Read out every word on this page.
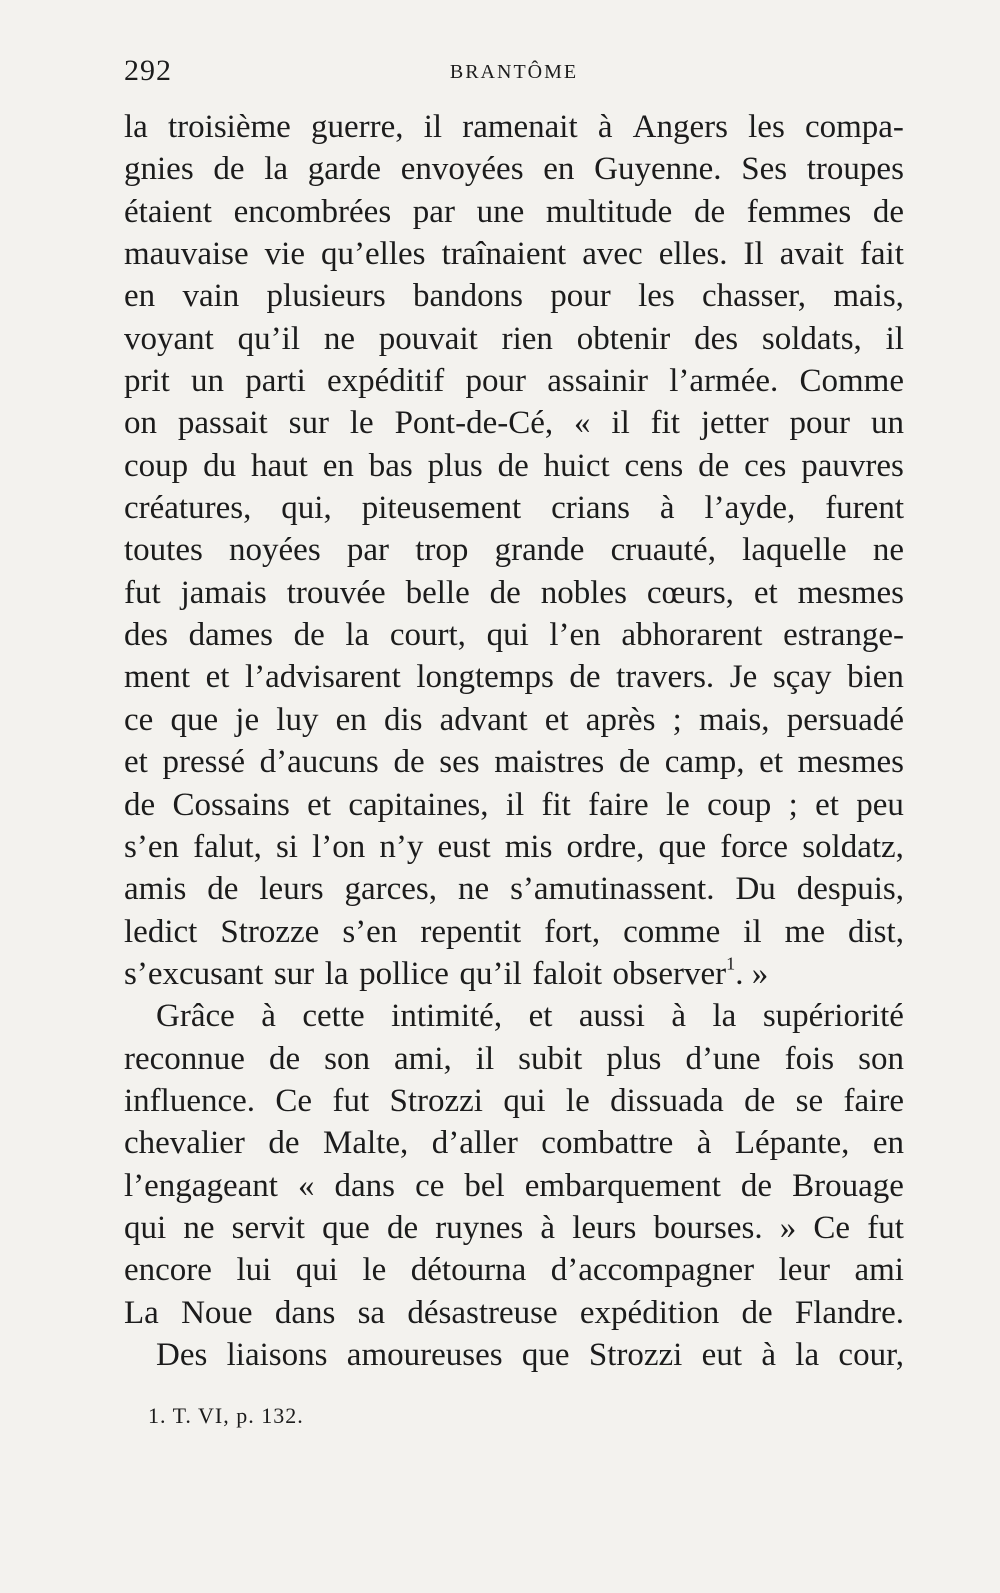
292	BRANTÔME
la troisième guerre, il ramenait à Angers les compa-
gnies de la garde envoyées en Guyenne. Ses troupes
étaient encombrées par une multitude de femmes de
mauvaise vie qu’elles traînaient avec elles. Il avait fait
en vain plusieurs bandons pour les chasser, mais,
voyant qu’il ne pouvait rien obtenir des soldats, il
prit un parti expéditif pour assainir l’armée. Comme
on passait sur le Pont-de-Cé, « il fit jetter pour un
coup du haut en bas plus de huict cens de ces pauvres
créatures, qui, piteusement crians à l’ayde, furent
toutes noyées par trop grande cruauté, laquelle ne
fut jamais trouvée belle de nobles cœurs, et mesmes
des dames de la court, qui l’en abhorarent estrange-
ment et l’advisarent longtemps de travers. Je sçay bien
ce que je luy en dis advant et après ; mais, persuadé
et pressé d’aucuns de ses maistres de camp, et mesmes
de Cossains et capitaines, il fit faire le coup ; et peu
s’en falut, si l’on n’y eust mis ordre, que force soldatz,
amis de leurs garces, ne s’amutinassent. Du despuis,
ledict Strozze s’en repentit fort, comme il me dist,
s’excusant sur la pollice qu’il faloit observer$^1$. »
Grâce à cette intimité, et aussi à la supériorité
reconnue de son ami, il subit plus d’une fois son
influence. Ce fut Strozzi qui le dissuada de se faire
chevalier de Malte, d’aller combattre à Lépante, en
l’engageant « dans ce bel embarquement de Brouage
qui ne servit que de ruynes à leurs bourses. » Ce fut
encore lui qui le détourna d’accompagner leur ami
La Noue dans sa désastreuse expédition de Flandre.
Des liaisons amoureuses que Strozzi eut à la cour,
1. T. VI, p. 132.
